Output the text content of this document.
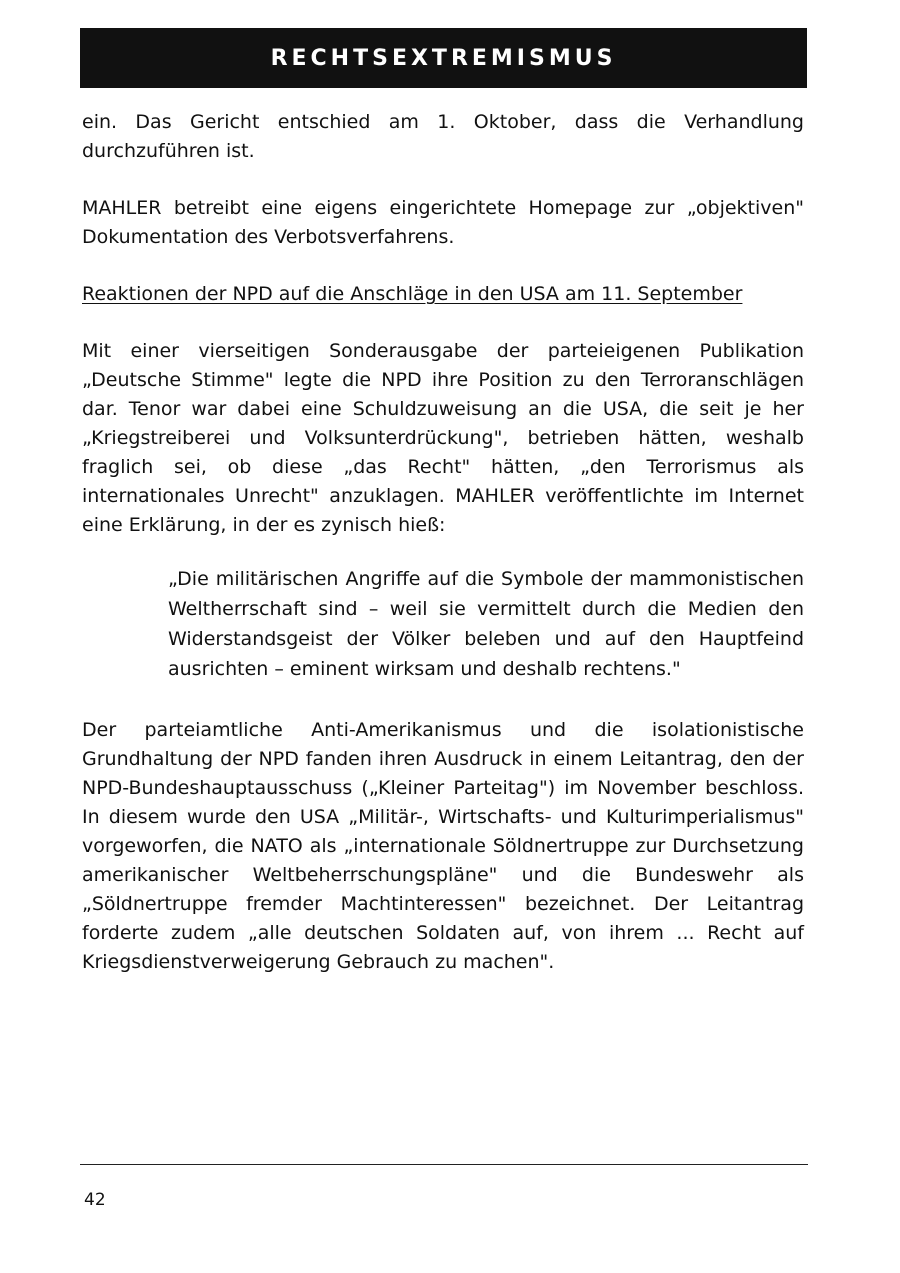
RECHTSEXTREMISMUS

ein. Das Gericht entschied am 1. Oktober, dass die Verhandlung durchzuführen ist.

MAHLER betreibt eine eigens eingerichtete Homepage zur „objektiven" Dokumentation des Verbotsverfahrens.

Reaktionen der NPD auf die Anschläge in den USA am 11. September

Mit einer vierseitigen Sonderausgabe der parteieigenen Publikation „Deutsche Stimme" legte die NPD ihre Position zu den Terroranschlägen dar. Tenor war dabei eine Schuldzuweisung an die USA, die seit je her „Kriegstreiberei und Volksunterdrückung", betrieben hätten, weshalb fraglich sei, ob diese „das Recht" hätten, „den Terrorismus als internationales Unrecht" anzuklagen. MAHLER veröffentlichte im Internet eine Erklärung, in der es zynisch hieß:

„Die militärischen Angriffe auf die Symbole der mammonistischen Weltherrschaft sind – weil sie vermittelt durch die Medien den Widerstandsgeist der Völker beleben und auf den Hauptfeind ausrichten – eminent wirksam und deshalb rechtens."

Der parteiamtliche Anti-Amerikanismus und die isolationistische Grundhaltung der NPD fanden ihren Ausdruck in einem Leitantrag, den der NPD-Bundeshauptausschuss („Kleiner Parteitag") im November beschloss. In diesem wurde den USA „Militär-, Wirtschafts- und Kulturimperialismus" vorgeworfen, die NATO als „internationale Söldnertruppe zur Durchsetzung amerikanischer Weltbeherrschungspläne" und die Bundeswehr als „Söldnertruppe fremder Machtinteressen" bezeichnet. Der Leitantrag forderte zudem „alle deutschen Soldaten auf, von ihrem ... Recht auf Kriegsdienstverweigerung Gebrauch zu machen".

42
